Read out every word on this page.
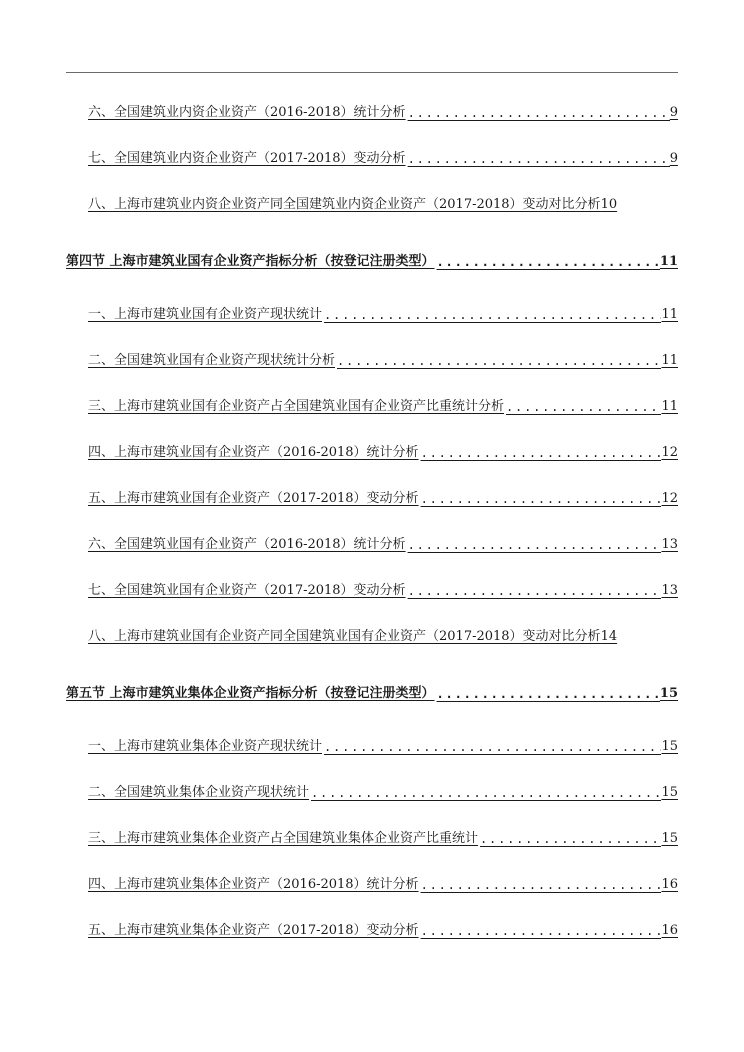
六、全国建筑业内资企业资产（2016-2018）统计分析 .....	9
七、全国建筑业内资企业资产（2017-2018）变动分析 .....	9
八、上海市建筑业内资企业资产同全国建筑业内资企业资产（2017-2018）变动对比分析 10
第四节 上海市建筑业国有企业资产指标分析（按登记注册类型） .....	11
一、上海市建筑业国有企业资产现状统计 .....	11
二、全国建筑业国有企业资产现状统计分析 .....	11
三、上海市建筑业国有企业资产占全国建筑业国有企业资产比重统计分析 .....	11
四、上海市建筑业国有企业资产（2016-2018）统计分析 .....	12
五、上海市建筑业国有企业资产（2017-2018）变动分析 .....	12
六、全国建筑业国有企业资产（2016-2018）统计分析 .....	13
七、全国建筑业国有企业资产（2017-2018）变动分析 .....	13
八、上海市建筑业国有企业资产同全国建筑业国有企业资产（2017-2018）变动对比分析 14
第五节 上海市建筑业集体企业资产指标分析（按登记注册类型） .....	15
一、上海市建筑业集体企业资产现状统计 .....	15
二、全国建筑业集体企业资产现状统计 .....	15
三、上海市建筑业集体企业资产占全国建筑业集体企业资产比重统计 .....	15
四、上海市建筑业集体企业资产（2016-2018）统计分析 .....	16
五、上海市建筑业集体企业资产（2017-2018）变动分析 .....	16
